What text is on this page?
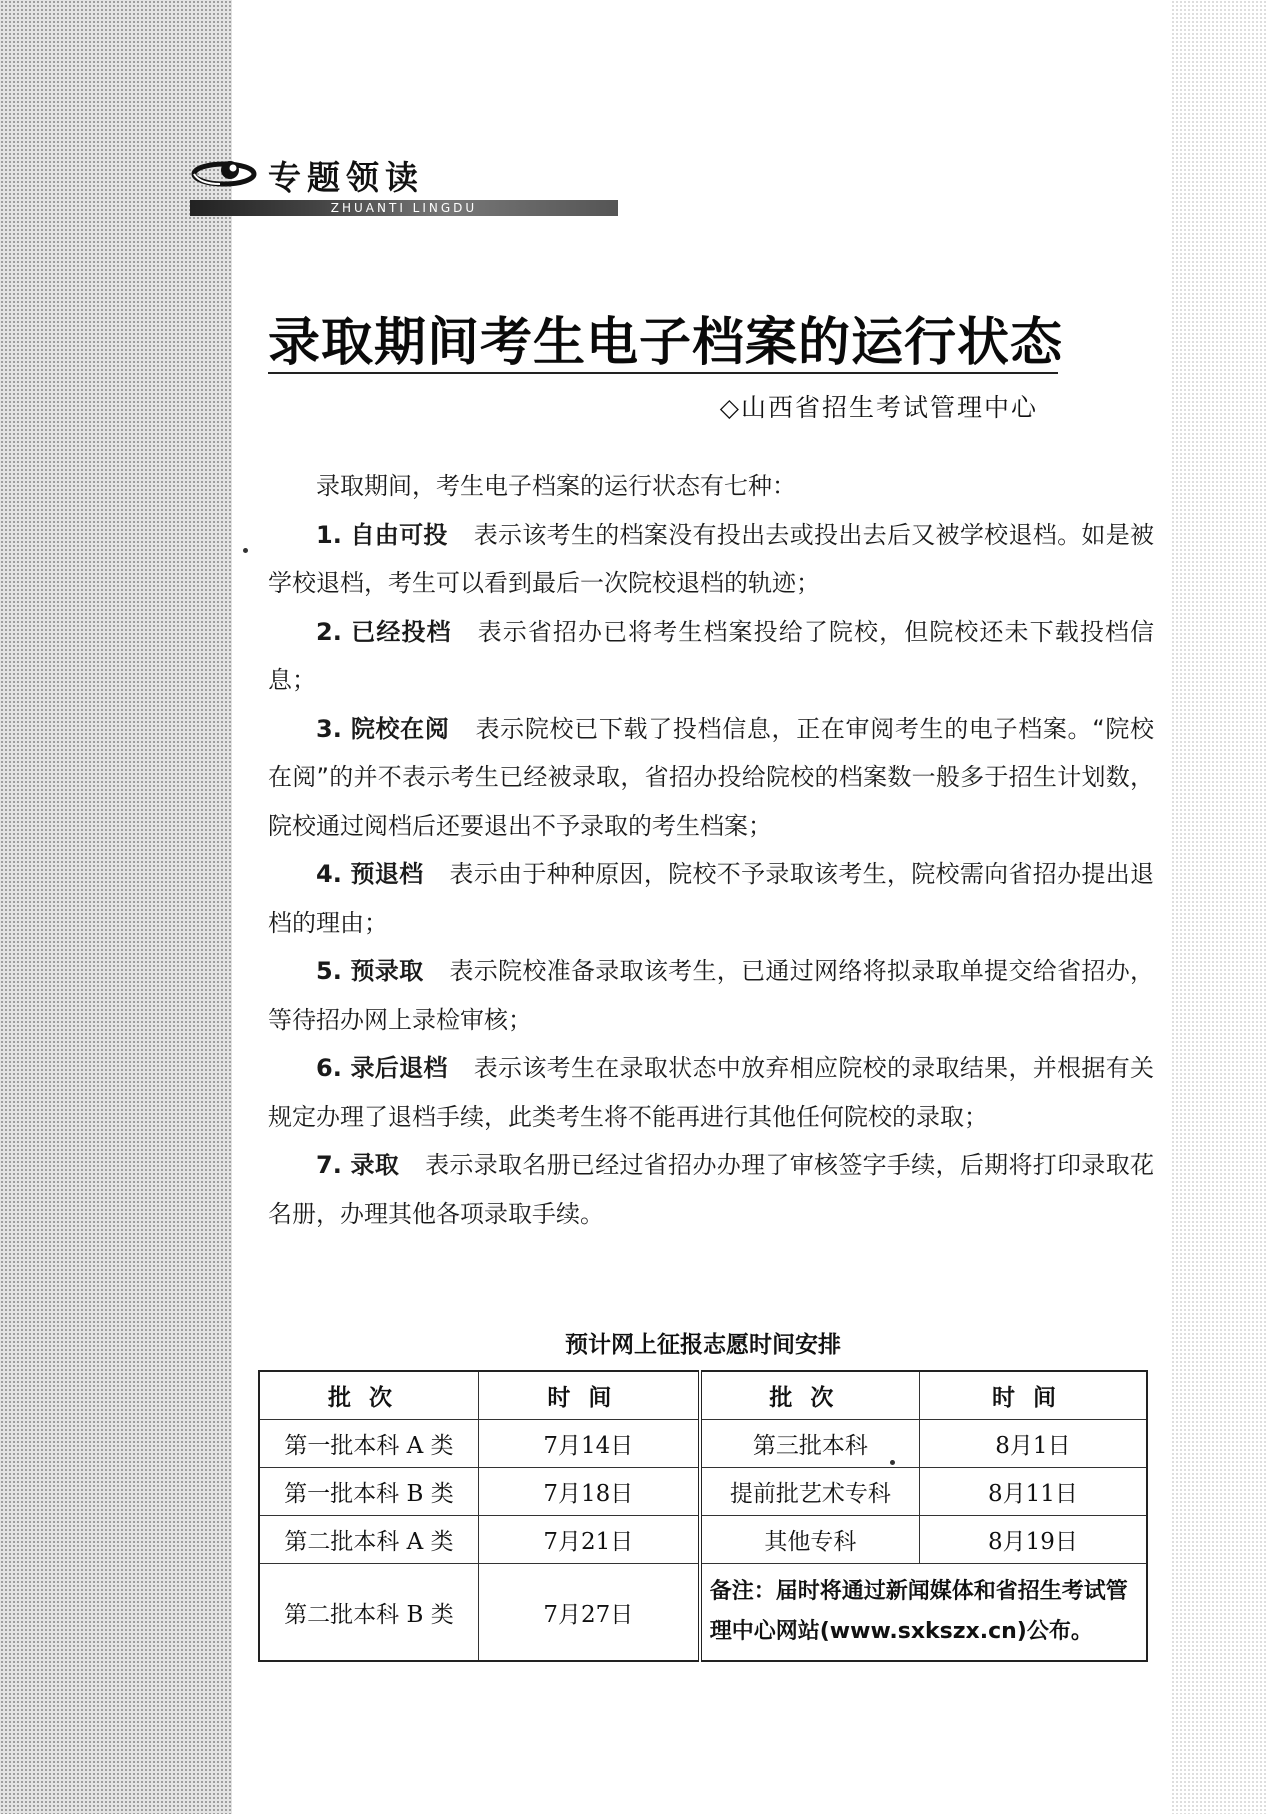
专题领读
ZHUANTI LINGDU
录取期间考生电子档案的运行状态
◇山西省招生考试管理中心

录取期间，考生电子档案的运行状态有七种：

1. 自由可投 表示该考生的档案没有投出去或投出去后又被学校退档。如是被学校退档，考生可以看到最后一次院校退档的轨迹；

2. 已经投档 表示省招办已将考生档案投给了院校，但院校还未下载投档信息；

3. 院校在阅 表示院校已下载了投档信息，正在审阅考生的电子档案。“院校在阅”的并不表示考生已经被录取，省招办投给院校的档案数一般多于招生计划数，院校通过阅档后还要退出不予录取的考生档案；

4. 预退档 表示由于种种原因，院校不予录取该考生，院校需向省招办提出退档的理由；

5. 预录取 表示院校准备录取该考生，已通过网络将拟录取单提交给省招办，等待招办网上录检审核；

6. 录后退档 表示该考生在录取状态中放弃相应院校的录取结果，并根据有关规定办理了退档手续，此类考生将不能再进行其他任何院校的录取；

7. 录取 表示录取名册已经过省招办办理了审核签字手续，后期将打印录取花名册，办理其他各项录取手续。

预计网上征报志愿时间安排
批次	时间	批次	时间
第一批本科 A 类	7月14日	第三批本科	8月1日
第一批本科 B 类	7月18日	提前批艺术专科	8月11日
第二批本科 A 类	7月21日	其他专科	8月19日
第二批本科 B 类	7月27日	备注：届时将通过新闻媒体和省招生考试管理中心网站(www.sxkszx.cn)公布。	
